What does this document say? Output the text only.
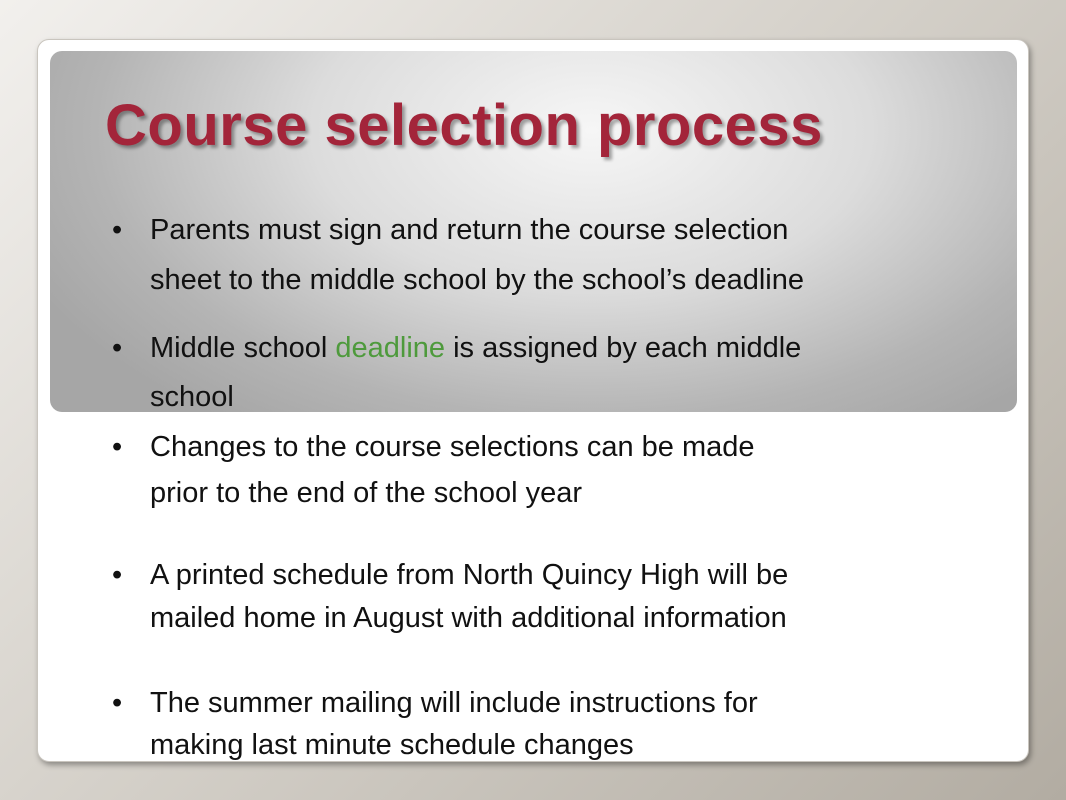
Course selection process
• Parents must sign and return the course selection
sheet to the middle school by the school’s deadline
• Middle school deadline is assigned by each middle
school
• Changes to the course selections can be made
prior to the end of the school year
• A printed schedule from North Quincy High will be
mailed home in August with additional information
• The summer mailing will include instructions for
making last minute schedule changes
